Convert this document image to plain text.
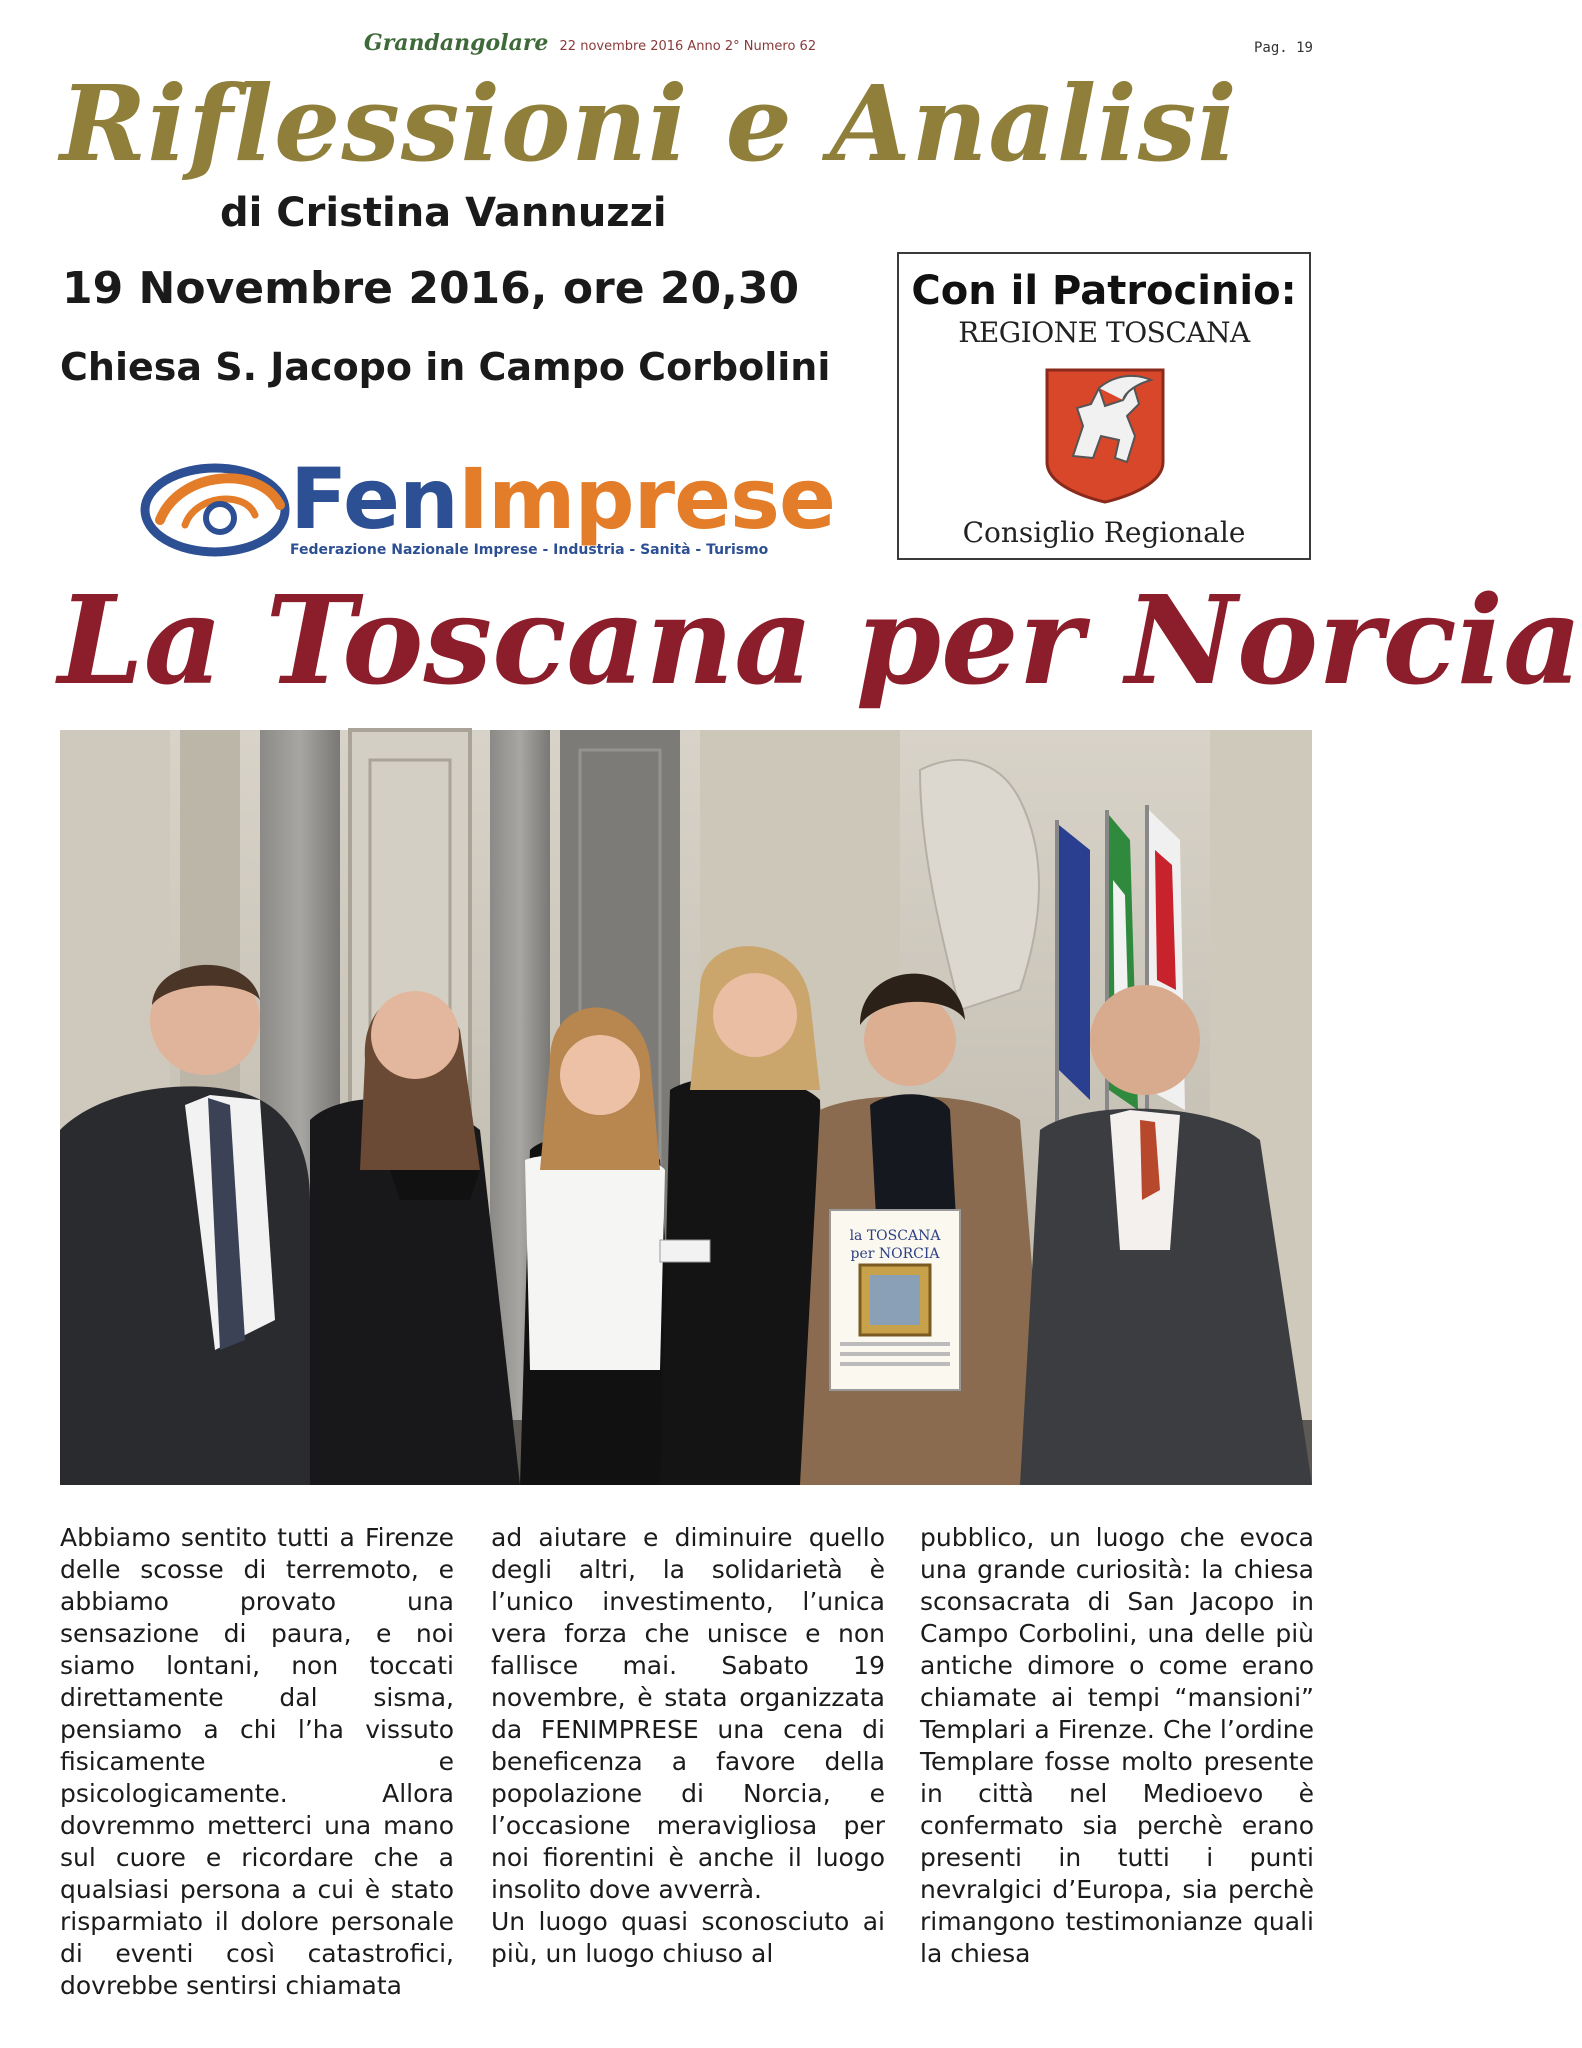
Grandangolare 22 novembre 2016 Anno 2° Numero 62	Pag. 19
Riflessioni e Analisi
di Cristina Vannuzzi
19 Novembre 2016, ore 20,30
Chiesa S. Jacopo in Campo Corbolini
FenImprese
Federazione Nazionale Imprese - Industria - Sanità - Turismo
Con il Patrocinio:
REGIONE TOSCANA
Consiglio Regionale
La Toscana per Norcia
la TOSCANA
per NORCIA

Abbiamo sentito tutti a Firenze delle scosse di terremoto, e abbiamo provato una sensazione di paura, e noi siamo lontani, non toccati direttamente dal sisma, pensiamo a chi l’ha vissuto fisicamente e psicologicamente. Allora dovremmo metterci una mano sul cuore e ricordare che a qualsiasi persona a cui è stato risparmiato il dolore personale di eventi così catastrofici, dovrebbe sentirsi chiamata

ad aiutare e diminuire quello degli altri, la solidarietà è l’unico investimento, l’unica vera forza che unisce e non fallisce mai. Sabato 19 novembre, è stata organizzata da FENIMPRESE una cena di beneficenza a favore della popolazione di Norcia, e l’occasione meravigliosa per noi fiorentini è anche il luogo insolito dove avverrà.

Un luogo quasi sconosciuto ai più, un luogo chiuso al

pubblico, un luogo che evoca una grande curiosità: la chiesa sconsacrata di San Jacopo in Campo Corbolini, una delle più antiche dimore o come erano chiamate ai tempi “mansioni” Templari a Firenze. Che l’ordine Templare fosse molto presente in città nel Medioevo è confermato sia perchè erano presenti in tutti i punti nevralgici d’Europa, sia perchè rimangono testimonianze quali la chiesa
